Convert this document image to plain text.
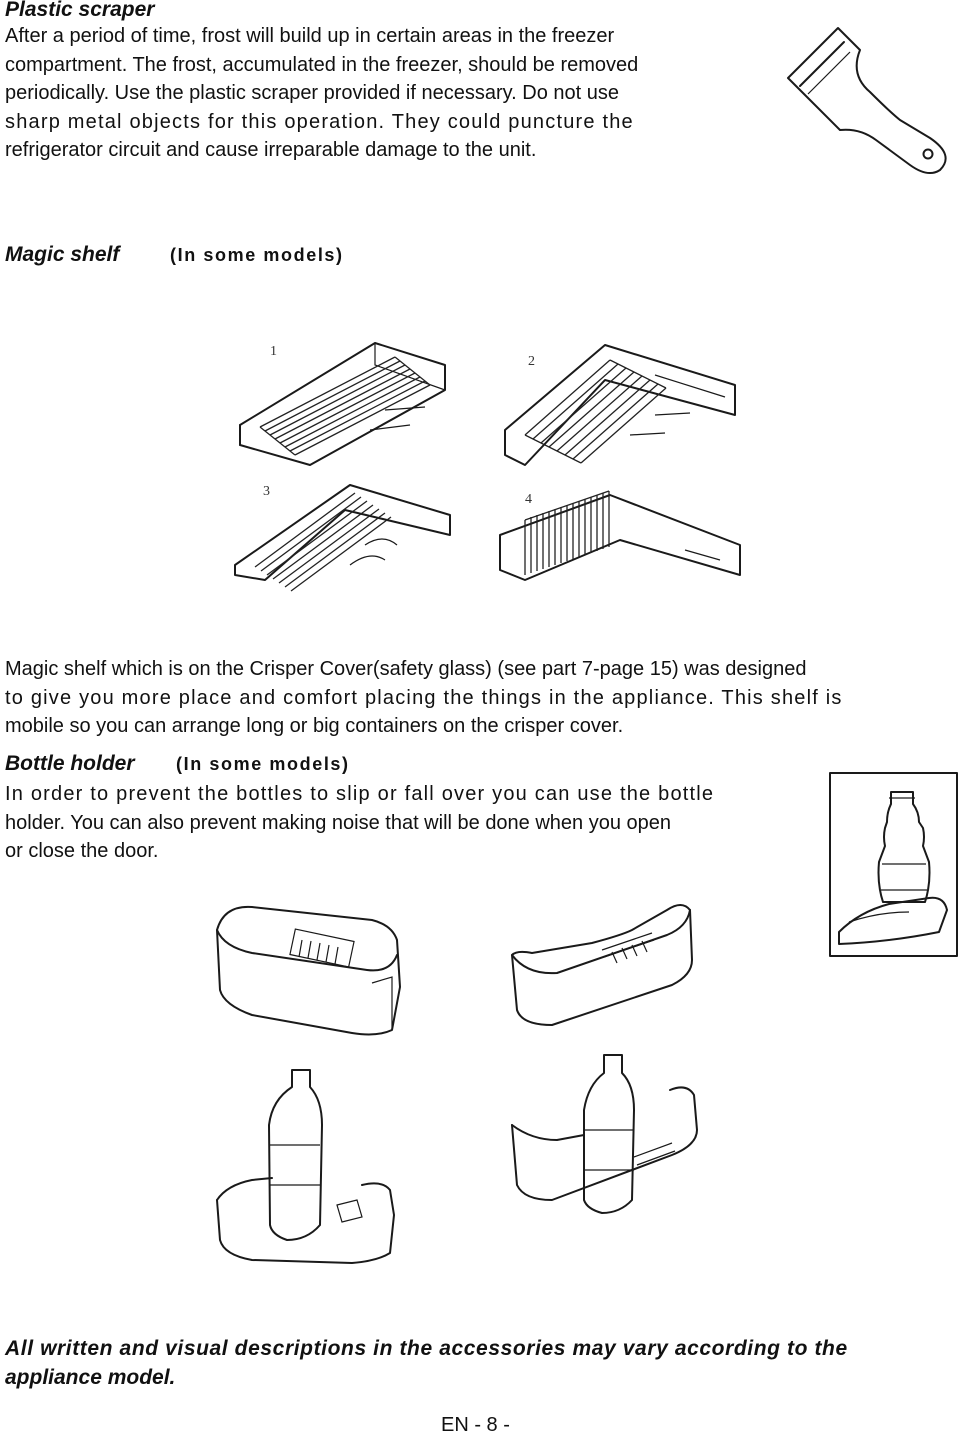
Plastic scraper
After a period of time, frost will build up in certain areas in the freezer
compartment. The frost, accumulated in the freezer, should be removed
periodically. Use the plastic scraper provided if necessary. Do not use
sharp metal objects for this operation. They could puncture the
refrigerator circuit and cause irreparable damage to the unit.
Magic shelf	(In some models)
1
2
3
4
Magic shelf which is on the Crisper Cover(safety glass) (see part 7-page 15) was designed
to give you more place and comfort placing the things in the appliance. This shelf is
mobile so you can arrange long or big containers on the crisper cover.
Bottle holder (In some models)
In order to prevent the bottles to slip or fall over you can use the bottle
holder. You can also prevent making noise that will be done when you open
or close the door.
All written and visual descriptions in the accessories may vary according to the
appliance model.
EN - 8 -
